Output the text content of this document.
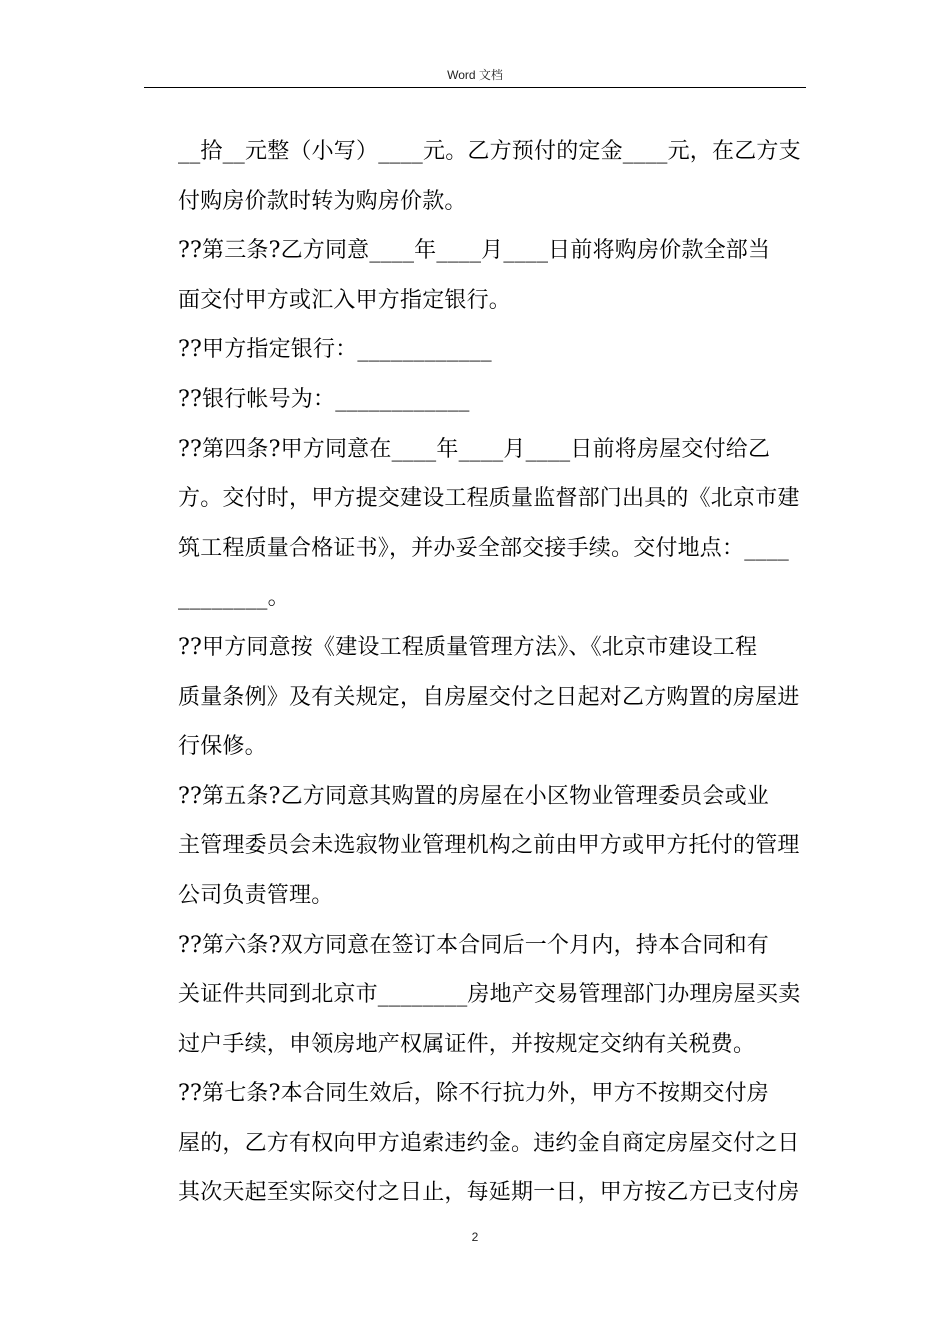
Word 文档
__拾__元整（小写）____元。乙方预付的定金____元，在乙方支
付购房价款时转为购房价款。
??第三条?乙方同意____年____月____日前将购房价款全部当
面交付甲方或汇入甲方指定银行。
??甲方指定银行：____________
??银行帐号为：____________
??第四条?甲方同意在____年____月____日前将房屋交付给乙
方。交付时，甲方提交建设工程质量监督部门出具的《北京市建
筑工程质量合格证书》，并办妥全部交接手续。交付地点：____
________。
??甲方同意按《建设工程质量管理方法》、《北京市建设工程
质量条例》及有关规定，自房屋交付之日起对乙方购置的房屋进
行保修。
??第五条?乙方同意其购置的房屋在小区物业管理委员会或业
主管理委员会未选寂物业管理机构之前由甲方或甲方托付的管理
公司负责管理。
??第六条?双方同意在签订本合同后一个月内，持本合同和有
关证件共同到北京市________房地产交易管理部门办理房屋买卖
过户手续，申领房地产权属证件，并按规定交纳有关税费。
??第七条?本合同生效后，除不行抗力外，甲方不按期交付房
屋的，乙方有权向甲方追索违约金。违约金自商定房屋交付之日
其次天起至实际交付之日止，每延期一日，甲方按乙方已支付房
2
